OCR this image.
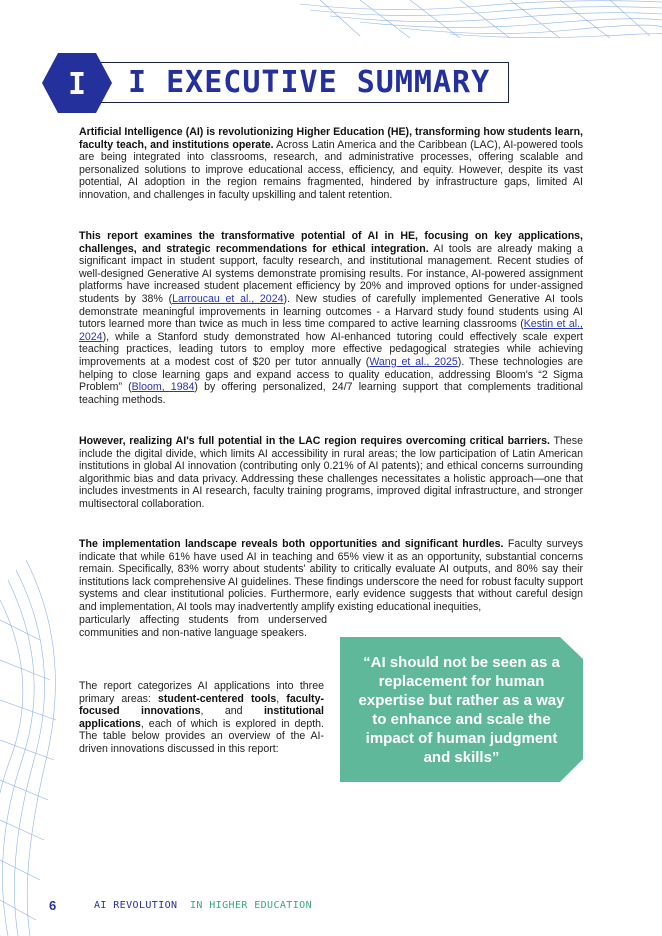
I I EXECUTIVE SUMMARY

Artificial Intelligence (AI) is revolutionizing Higher Education (HE), transforming how students learn, faculty teach, and institutions operate. Across Latin America and the Caribbean (LAC), AI-powered tools are being integrated into classrooms, research, and administrative processes, offering scalable and personalized solutions to improve educational access, efficiency, and equity. However, despite its vast potential, AI adoption in the region remains fragmented, hindered by infrastructure gaps, limited AI innovation, and challenges in faculty upskilling and talent retention.

This report examines the transformative potential of AI in HE, focusing on key applications, challenges, and strategic recommendations for ethical integration. AI tools are already making a significant impact in student support, faculty research, and institutional management. Recent studies of well-designed Generative AI systems demonstrate promising results. For instance, AI-powered assignment platforms have increased student placement efficiency by 20% and improved options for under-assigned students by 38% (Larroucau et al., 2024). New studies of carefully implemented Generative AI tools demonstrate meaningful improvements in learning outcomes - a Harvard study found students using AI tutors learned more than twice as much in less time compared to active learning classrooms (Kestin et al., 2024), while a Stanford study demonstrated how AI-enhanced tutoring could effectively scale expert teaching practices, leading tutors to employ more effective pedagogical strategies while achieving improvements at a modest cost of $20 per tutor annually (Wang et al., 2025). These technologies are helping to close learning gaps and expand access to quality education, addressing Bloom's “2 Sigma Problem” (Bloom, 1984) by offering personalized, 24/7 learning support that complements traditional teaching methods.

However, realizing AI's full potential in the LAC region requires overcoming critical barriers. These include the digital divide, which limits AI accessibility in rural areas; the low participation of Latin American institutions in global AI innovation (contributing only 0.21% of AI patents); and ethical concerns surrounding algorithmic bias and data privacy. Addressing these challenges necessitates a holistic approach—one that includes investments in AI research, faculty training programs, improved digital infrastructure, and stronger multisectoral collaboration.

The implementation landscape reveals both opportunities and significant hurdles. Faculty surveys indicate that while 61% have used AI in teaching and 65% view it as an opportunity, substantial concerns remain. Specifically, 83% worry about students' ability to critically evaluate AI outputs, and 80% say their institutions lack comprehensive AI guidelines. These findings underscore the need for robust faculty support systems and clear institutional policies. Furthermore, early evidence suggests that without careful design and implementation, AI tools may inadvertently amplify existing educational inequities,

particularly affecting students from underserved communities and non-native language speakers.

The report categorizes AI applications into three primary areas: student-centered tools, faculty-focused innovations, and institutional applications, each of which is explored in depth. The table below provides an overview of the AI-driven innovations discussed in this report:

“AI should not be seen as a replacement for human expertise but rather as a way to enhance and scale the impact of human judgment and skills”
6	AI REVOLUTION IN HIGHER EDUCATION
